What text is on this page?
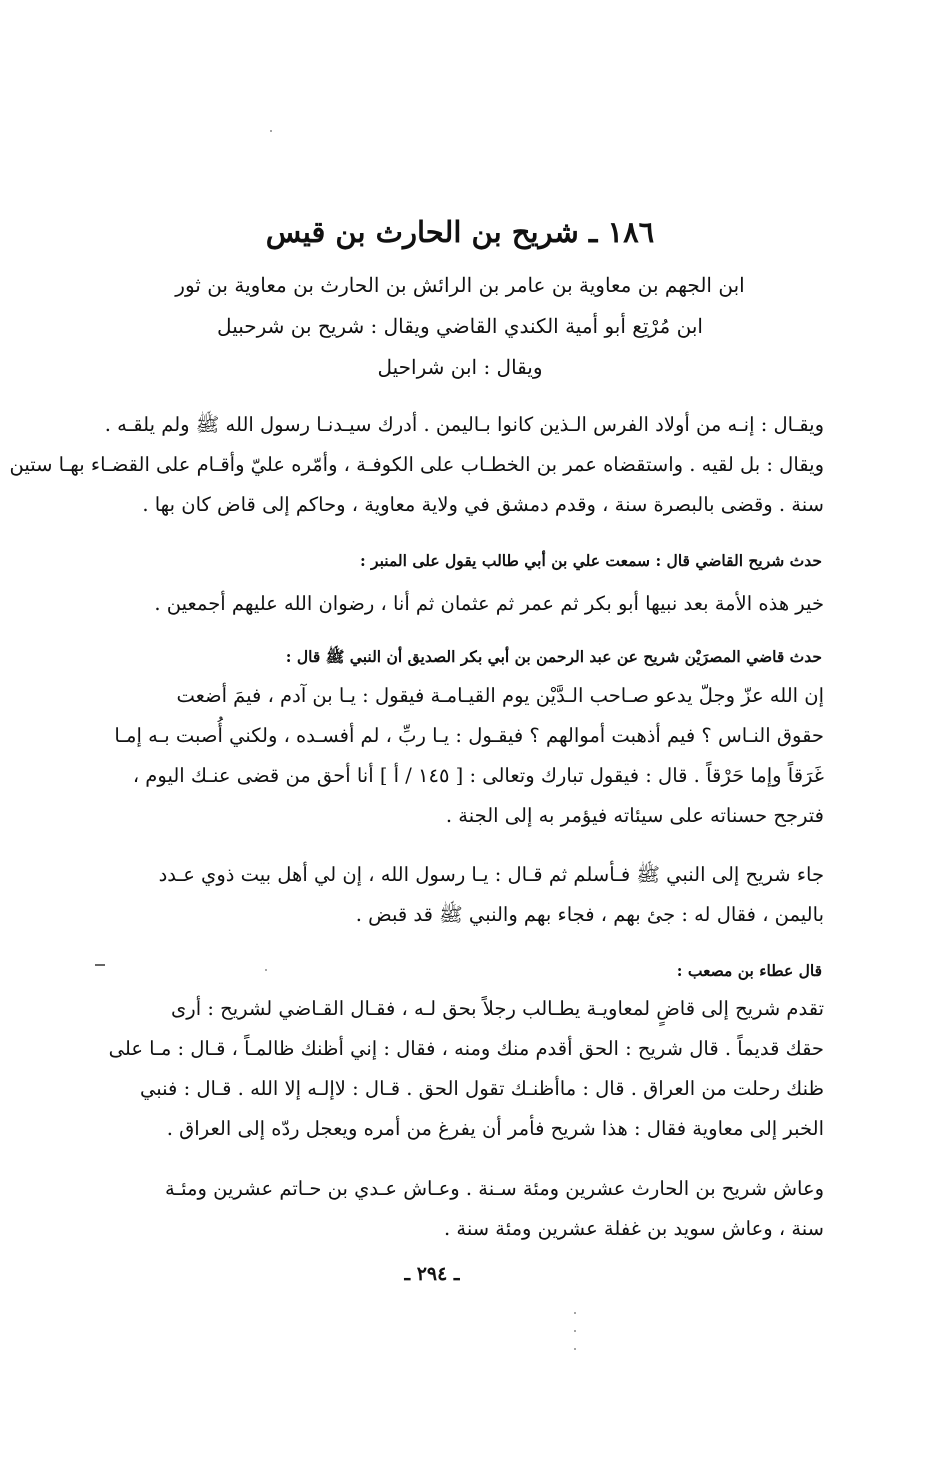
١٨٦ ـ شريح بن الحارث بن قيس
ابن الجهم بن معاوية بن عامر بن الرائش بن الحارث بن معاوية بن ثور
ابن مُرْتِع أبو أمية الكندي القاضي ويقال : شريح بن شرحبيل
ويقال : ابن شراحيل
ويقـال : إنـه من أولاد الفرس الـذين كانوا بـاليمن . أدرك سيـدنـا رسول الله ﷺ ولم يلقـه .
ويقال : بل لقيه . واستقضاه عمر بن الخطـاب على الكوفـة ، وأمّره عليّ وأقـام على القضـاء بهـا ستين
سنة . وقضى بالبصرة سنة ، وقدم دمشق في ولاية معاوية ، وحاكم إلى قاض كان بها .
حدث شريح القاضي قال : سمعت علي بن أبي طالب يقول على المنبر :
خير هذه الأمة بعد نبيها أبو بكر ثم عمر ثم عثمان ثم أنا ، رضوان الله عليهم أجمعين .
حدث قاضي المصرَيْن شريح عن عبد الرحمن بن أبي بكر الصديق أن النبي ﷺ قال :
إن الله عزّ وجلّ يدعو صـاحب الـدَّيْن يوم القيـامـة فيقول : يـا بن آدم ، فيمَ أضعت
حقوق النـاس ؟ فيم أذهبت أموالهم ؟ فيقـول : يـا ربِّ ، لم أفسـده ، ولكني أُصبت بـه إمـا
غَرَقاً وإما حَرْقاً . قال : فيقول تبارك وتعالى : [ ١٤٥ / أ ] أنا أحق من قضى عنـك اليوم ،
فترجح حسناته على سيئاته فيؤمر به إلى الجنة .
جاء شريح إلى النبي ﷺ فـأسلم ثم قـال : يـا رسول الله ، إن لي أهل بيت ذوي عـدد
باليمن ، فقال له : جئ بهم ، فجاء بهم والنبي ﷺ قد قبض .
قال عطاء بن مصعب :
تقدم شريح إلى قاضٍ لمعاويـة يطـالب رجلاً بحق لـه ، فقـال القـاضي لشريح : أرى
حقك قديماً . قال شريح : الحق أقدم منك ومنه ، فقال : إني أظنك ظالمـاً ، قـال : مـا على
ظنك رحلت من العراق . قال : ماأظنـك تقول الحق . قـال : لاإلـه إلا الله . قـال : فنبي
الخبر إلى معاوية فقال : هذا شريح فأمر أن يفرغ من أمره ويعجل ردّه إلى العراق .
وعاش شريح بن الحارث عشرين ومئة سـنة . وعـاش عـدي بن حـاتم عشرين ومئـة
سنة ، وعاش سويد بن غفلة عشرين ومئة سنة .
ـ ٢٩٤ ـ
